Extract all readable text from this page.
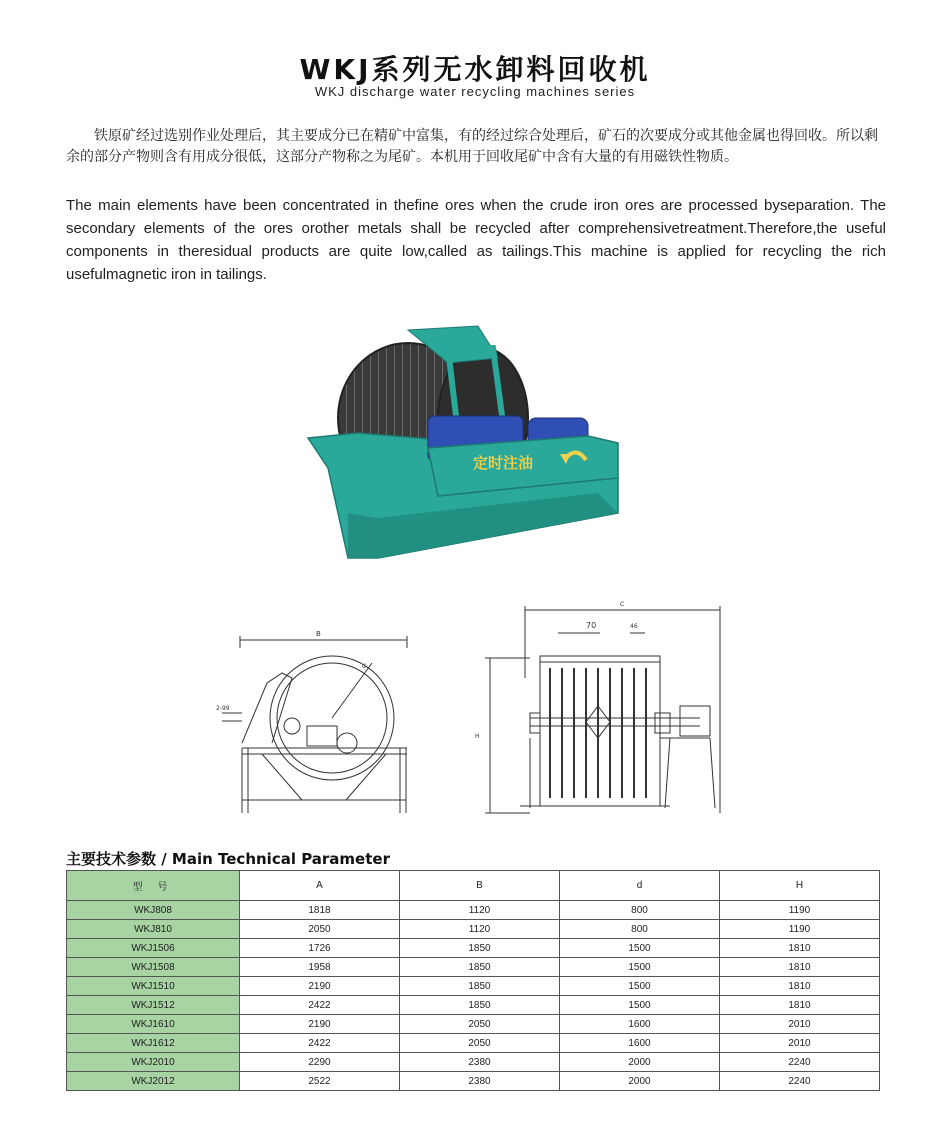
WKJ系列无水卸料回收机
WKJ discharge water recycling machines series
铁原矿经过选别作业处理后，其主要成分已在精矿中富集，有的经过综合处理后，矿石的次要成分或其他金属也得回收。所以剩余的部分产物则含有用成分很低，这部分产物称之为尾矿。本机用于回收尾矿中含有大量的有用磁铁性物质。
The main elements have been concentrated in thefine ores when the crude iron ores are processed byseparation. The secondary elements of the ores orother metals shall be recycled after comprehensivetreatment.Therefore,the useful components in theresidual products are quite low,called as tailings.This machine is applied for recycling the rich usefulmagnetic iron in tailings.
定时注油
B
2-99
d
C
70	46
H
主要技术参数 / Main Technical Parameter
型 号	A	B	d	H
WKJ808	1818	1120	800	1190
WKJ810	2050	1120	800	1190
WKJ1506	1726	1850	1500	1810
WKJ1508	1958	1850	1500	1810
WKJ1510	2190	1850	1500	1810
WKJ1512	2422	1850	1500	1810
WKJ1610	2190	2050	1600	2010
WKJ1612	2422	2050	1600	2010
WKJ2010	2290	2380	2000	2240
WKJ2012	2522	2380	2000	2240
